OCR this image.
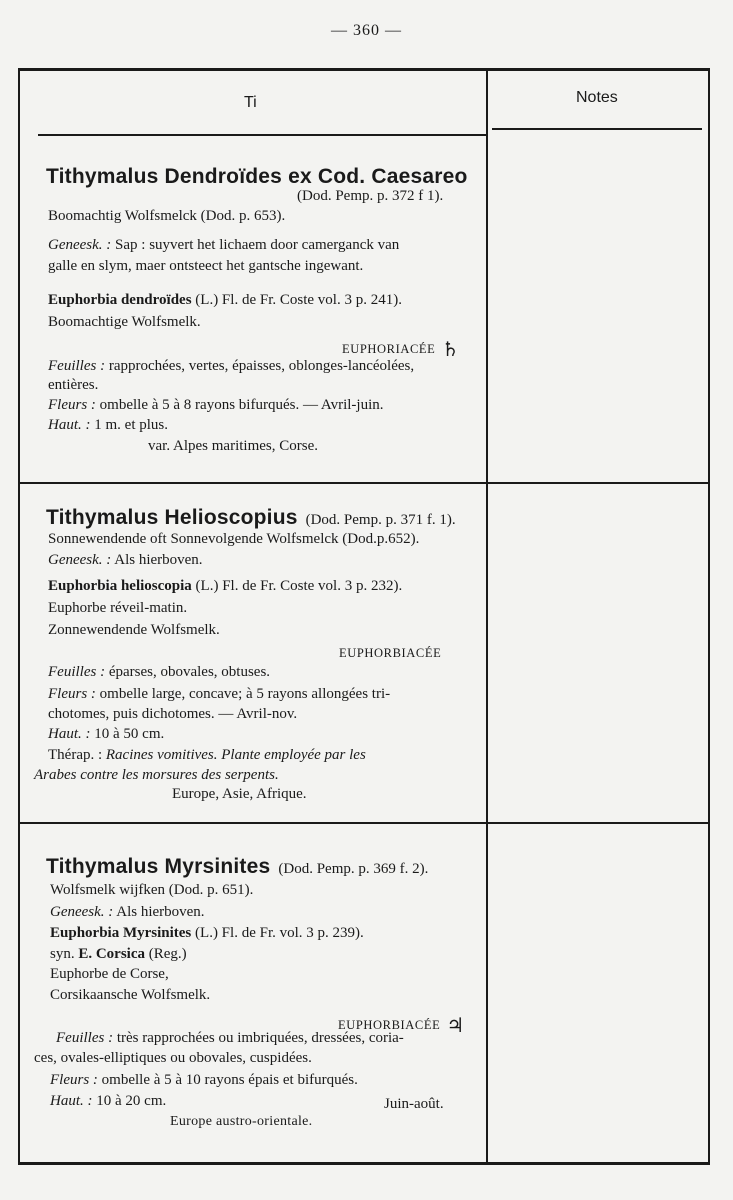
— 360 —
Ti	Notes
Tithymalus Dendroïdes ex Cod. Caesareo
(Dod. Pemp. p. 372 f 1).
Boomachtig Wolfsmelck (Dod. p. 653).
Geneesk. : Sap : suyvert het lichaem door camerganck van
galle en slym, maer ontsteect het gantsche ingewant.
Euphorbia dendroïdes (L.) Fl. de Fr. Coste vol. 3 p. 241).
Boomachtige Wolfsmelk.
EUPHORIACÉE ♄
Feuilles : rapprochées, vertes, épaisses, oblonges-lancéolées,
entières.
Fleurs : ombelle à 5 à 8 rayons bifurqués. — Avril-juin.
Haut. : 1 m. et plus.
var. Alpes maritimes, Corse.
Tithymalus Helioscopius (Dod. Pemp. p. 371 f. 1).
Sonnewendende oft Sonnevolgende Wolfsmelck (Dod.p.652).
Geneesk. : Als hierboven.
Euphorbia helioscopia (L.) Fl. de Fr. Coste vol. 3 p. 232).
Euphorbe réveil-matin.
Zonnewendende Wolfsmelk.
EUPHORBIACÉE
Feuilles : éparses, obovales, obtuses.
Fleurs : ombelle large, concave; à 5 rayons allongées tri-
chotomes, puis dichotomes. — Avril-nov.
Haut. : 10 à 50 cm.
Thérap. : Racines vomitives. Plante employée par les
Arabes contre les morsures des serpents.
Europe, Asie, Afrique.
Tithymalus Myrsinites (Dod. Pemp. p. 369 f. 2).
Wolfsmelk wijfken (Dod. p. 651).
Geneesk. : Als hierboven.
Euphorbia Myrsinites (L.) Fl. de Fr. vol. 3 p. 239).
syn. E. Corsica (Reg.)
Euphorbe de Corse,
Corsikaansche Wolfsmelk.
EUPHORBIACÉE ♃
Feuilles : très rapprochées ou imbriquées, dressées, coria-
ces, ovales-elliptiques ou obovales, cuspidées.
Fleurs : ombelle à 5 à 10 rayons épais et bifurqués.
Haut. : 10 à 20 cm.	Juin-août.
Europe austro-orientale.
